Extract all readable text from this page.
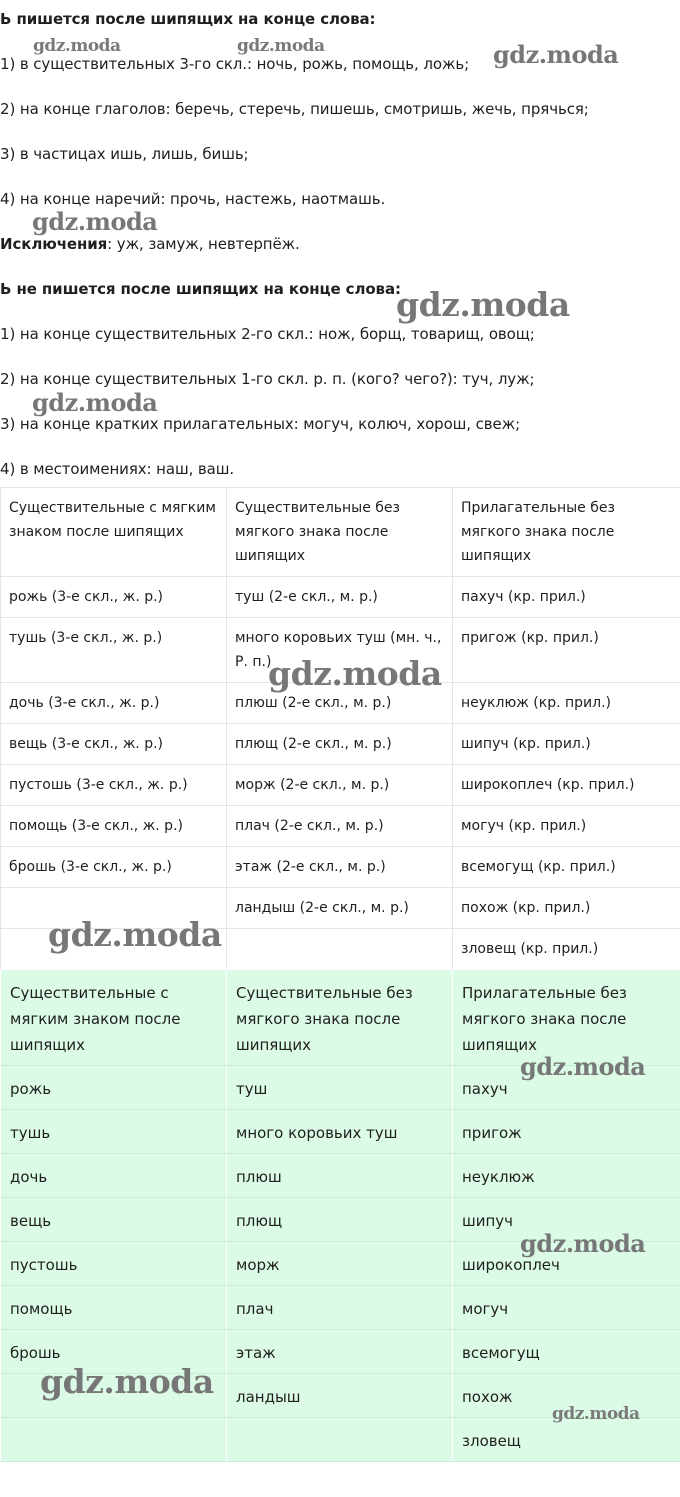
Ь пишется после шипящих на конце слова:
1) в существительных 3-го скл.: ночь, рожь, помощь, ложь;
2) на конце глаголов: беречь, стеречь, пишешь, смотришь, жечь, прячься;
3) в частицах ишь, лишь, бишь;
4) на конце наречий: прочь, настежь, наотмашь.
Исключения: уж, замуж, невтерпёж.
Ь не пишется после шипящих на конце слова:
1) на конце существительных 2-го скл.: нож, борщ, товарищ, овощ;
2) на конце существительных 1-го скл. р. п. (кого? чего?): туч, луж;
3) на конце кратких прилагательных: могуч, колюч, хорош, свеж;
4) в местоимениях: наш, ваш.
Существительные с мягким знаком после шипящих	Существительные без мягкого знака после шипящих	Прилагательные без мягкого знака после шипящих
рожь (3-е скл., ж. р.)	туш (2-е скл., м. р.)	пахуч (кр. прил.)
тушь (3-е скл., ж. р.)	много коровьих туш (мн. ч., Р. п.)	пригож (кр. прил.)
дочь (3-е скл., ж. р.)	плюш (2-е скл., м. р.)	неуклюж (кр. прил.)
вещь (3-е скл., ж. р.)	плющ (2-е скл., м. р.)	шипуч (кр. прил.)
пустошь (3-е скл., ж. р.)	морж (2-е скл., м. р.)	широкоплеч (кр. прил.)
помощь (3-е скл., ж. р.)	плач (2-е скл., м. р.)	могуч (кр. прил.)
брошь (3-е скл., ж. р.)	этаж (2-е скл., м. р.)	всемогущ (кр. прил.)
	ландыш (2-е скл., м. р.)	похож (кр. прил.)
		зловещ (кр. прил.)
Существительные с мягким знаком после шипящих	Существительные без мягкого знака после шипящих	Прилагательные без мягкого знака после шипящих
рожь	туш	пахуч
тушь	много коровьих туш	пригож
дочь	плюш	неуклюж
вещь	плющ	шипуч
пустошь	морж	широкоплеч
помощь	плач	могуч
брошь	этаж	всемогущ
	ландыш	похож
		зловещ
gdz.moda	gdz.moda	gdz.moda
gdz.moda
gdz.moda
gdz.moda
gdz.moda
gdz.moda
gdz.moda
gdz.moda
gdz.moda
gdz.moda
